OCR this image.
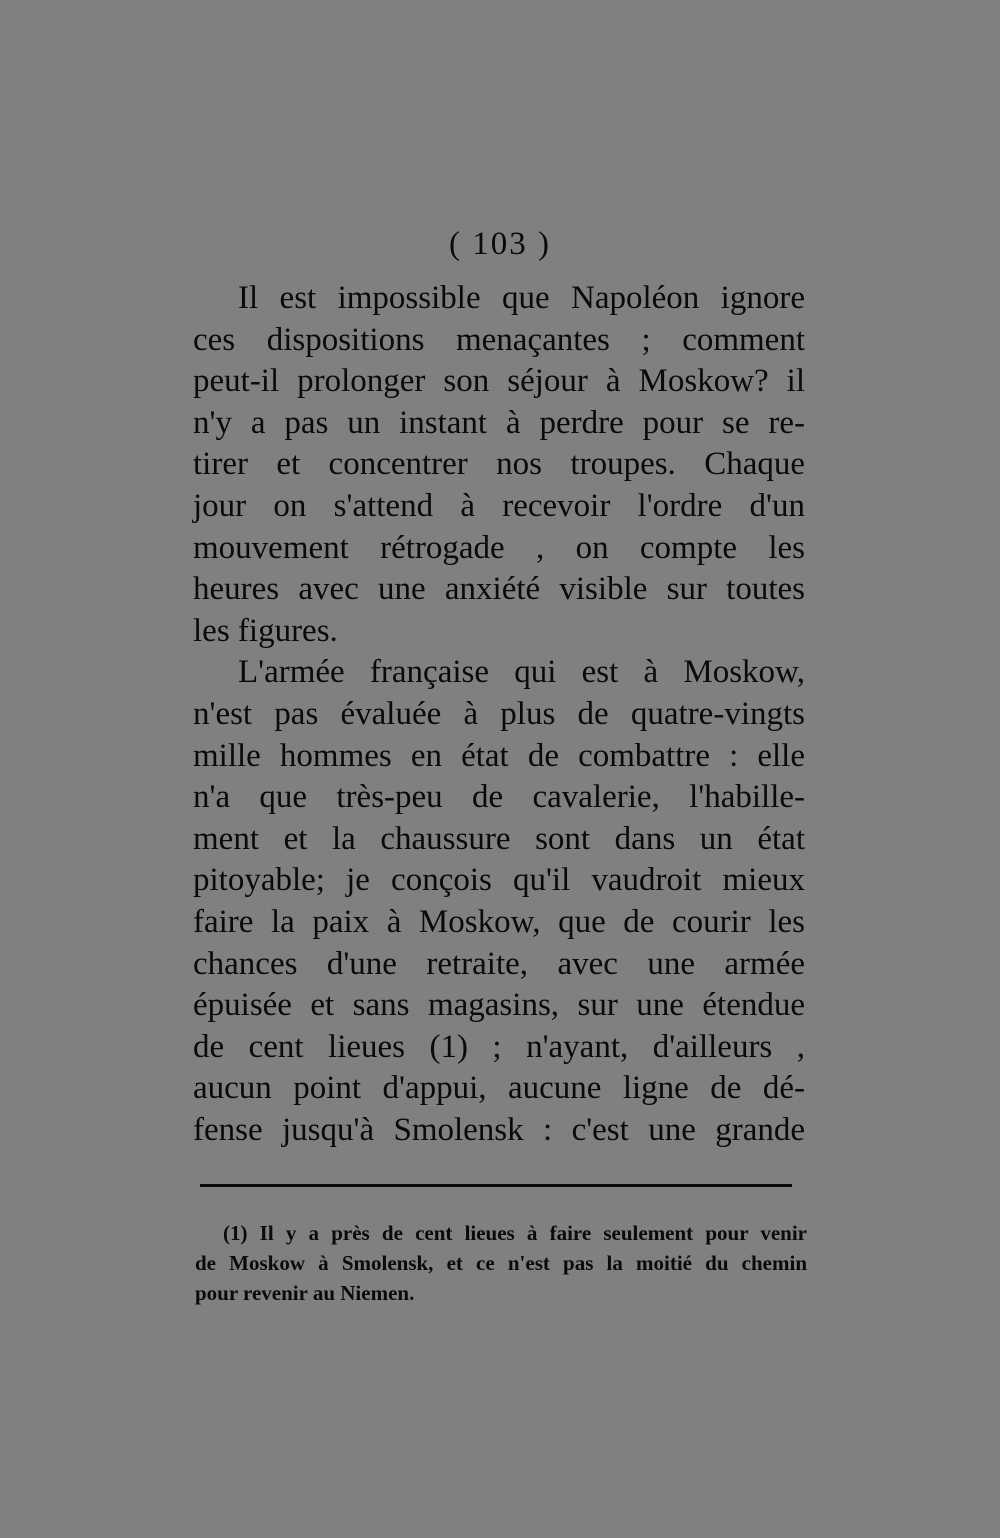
( 103 )

Il est impossible que Napoléon ignore
ces dispositions menaçantes ; comment
peut-il prolonger son séjour à Moskow? il
n'y a pas un instant à perdre pour se re-
tirer et concentrer nos troupes. Chaque
jour on s'attend à recevoir l'ordre d'un
mouvement rétrogade , on compte les
heures avec une anxiété visible sur toutes
les figures.
L'armée française qui est à Moskow,
n'est pas évaluée à plus de quatre-vingts
mille hommes en état de combattre : elle
n'a que très-peu de cavalerie, l'habille-
ment et la chaussure sont dans un état
pitoyable; je conçois qu'il vaudroit mieux
faire la paix à Moskow, que de courir les
chances d'une retraite, avec une armée
épuisée et sans magasins, sur une étendue
de cent lieues (1) ; n'ayant, d'ailleurs ,
aucun point d'appui, aucune ligne de dé-
fense jusqu'à Smolensk : c'est une grande
(1) Il y a près de cent lieues à faire seulement pour venir
de Moskow à Smolensk, et ce n'est pas la moitié du chemin
pour revenir au Niemen.
